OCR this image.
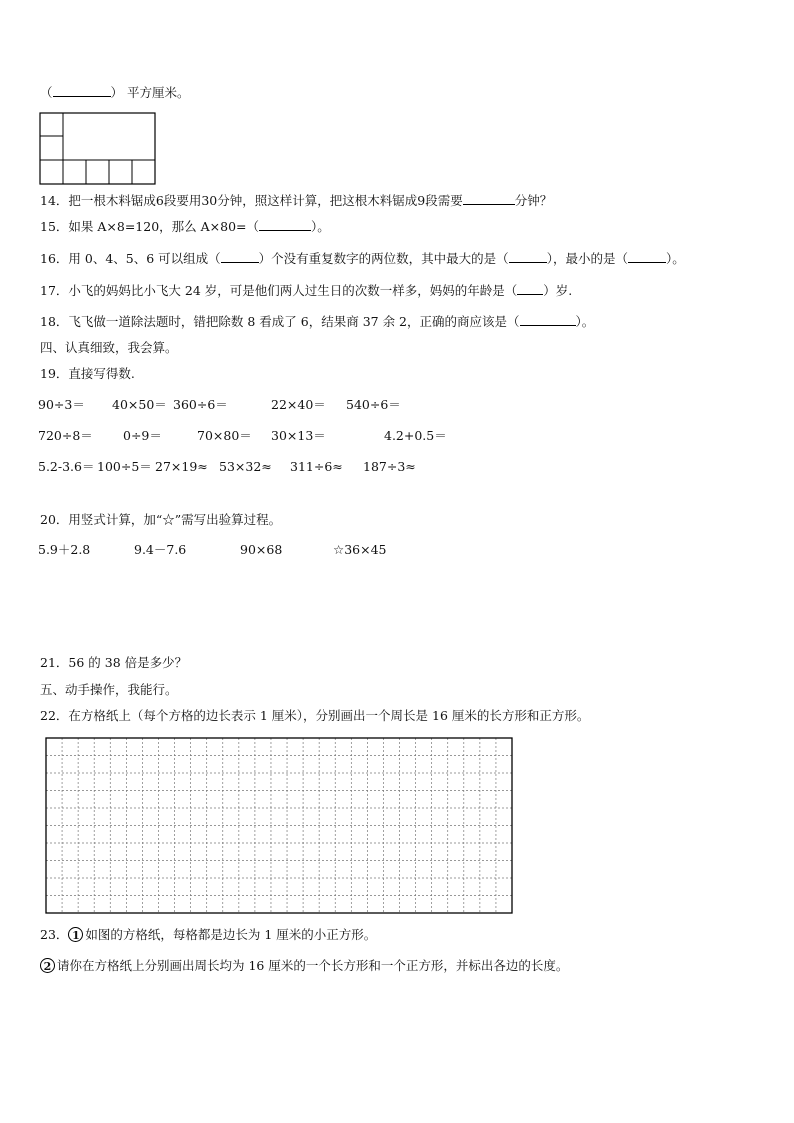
（	） 平方厘米。
14．把一根木料锯成6段要用30分钟，照这样计算，把这根木料锯成9段需要	分钟？
15．如果 A×8=120，那么 A×80=（	）。
16．用 0、4、5、6 可以组成（	）个没有重复数字的两位数，其中最大的是（	），最小的是（	）。
17．小飞的妈妈比小飞大 24 岁，可是他们两人过生日的次数一样多，妈妈的年龄是（ ）岁.
18．飞飞做一道除法题时，错把除数 8 看成了 6，结果商 37 余 2，正确的商应该是（	）。
四、认真细致，我会算。
19．直接写得数.
90÷3＝ 40×50＝ 360÷6＝	22×40＝ 540÷6＝
720÷8＝ 0÷9＝	70×80＝ 30×13＝	4.2+0.5＝
5.2-3.6＝ 100÷5＝ 27×19≈ 53×32≈ 311÷6≈ 187÷3≈
20．用竖式计算，加“☆”需写出验算过程。
5.9＋2.8	9.4－7.6	90×68	☆36×45
21．56 的 38 倍是多少？
五、动手操作，我能行。
22．在方格纸上（每个方格的边长表示 1 厘米），分别画出一个周长是 16 厘米的长方形和正方形。
23． 1 如图的方格纸，每格都是边长为 1 厘米的小正方形。
2 请你在方格纸上分别画出周长均为 16 厘米的一个长方形和一个正方形，并标出各边的长度。
